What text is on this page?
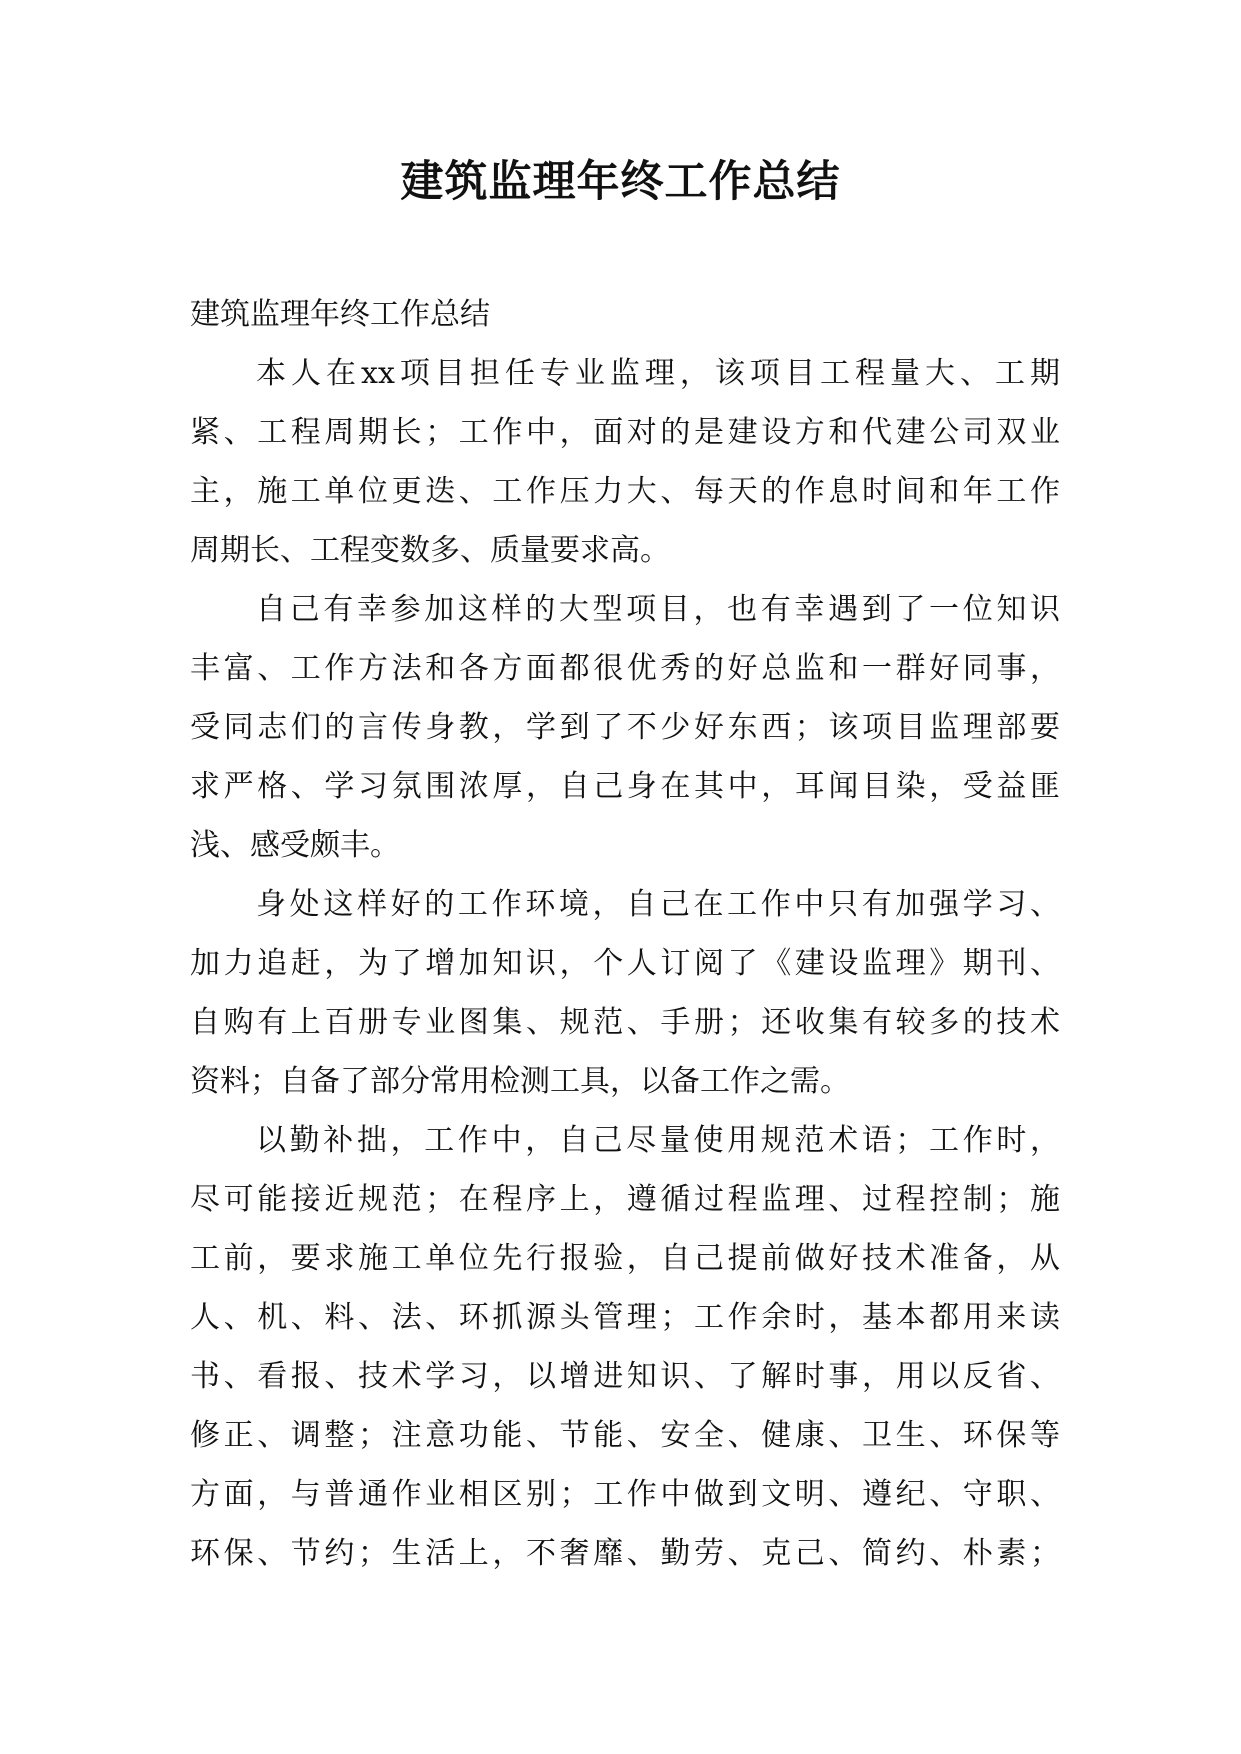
建筑监理年终工作总结
建筑监理年终工作总结
本人在xx项目担任专业监理，该项目工程量大、工期
紧、工程周期长；工作中，面对的是建设方和代建公司双业
主，施工单位更迭、工作压力大、每天的作息时间和年工作
周期长、工程变数多、质量要求高。
自己有幸参加这样的大型项目，也有幸遇到了一位知识
丰富、工作方法和各方面都很优秀的好总监和一群好同事，
受同志们的言传身教，学到了不少好东西；该项目监理部要
求严格、学习氛围浓厚，自己身在其中，耳闻目染，受益匪
浅、感受颇丰。
身处这样好的工作环境，自己在工作中只有加强学习、
加力追赶，为了增加知识，个人订阅了《建设监理》期刊、
自购有上百册专业图集、规范、手册；还收集有较多的技术
资料；自备了部分常用检测工具，以备工作之需。
以勤补拙，工作中，自己尽量使用规范术语；工作时，
尽可能接近规范；在程序上，遵循过程监理、过程控制；施
工前，要求施工单位先行报验，自己提前做好技术准备，从
人、机、料、法、环抓源头管理；工作余时，基本都用来读
书、看报、技术学习，以增进知识、了解时事，用以反省、
修正、调整；注意功能、节能、安全、健康、卫生、环保等
方面，与普通作业相区别；工作中做到文明、遵纪、守职、
环保、节约；生活上，不奢靡、勤劳、克己、简约、朴素；
